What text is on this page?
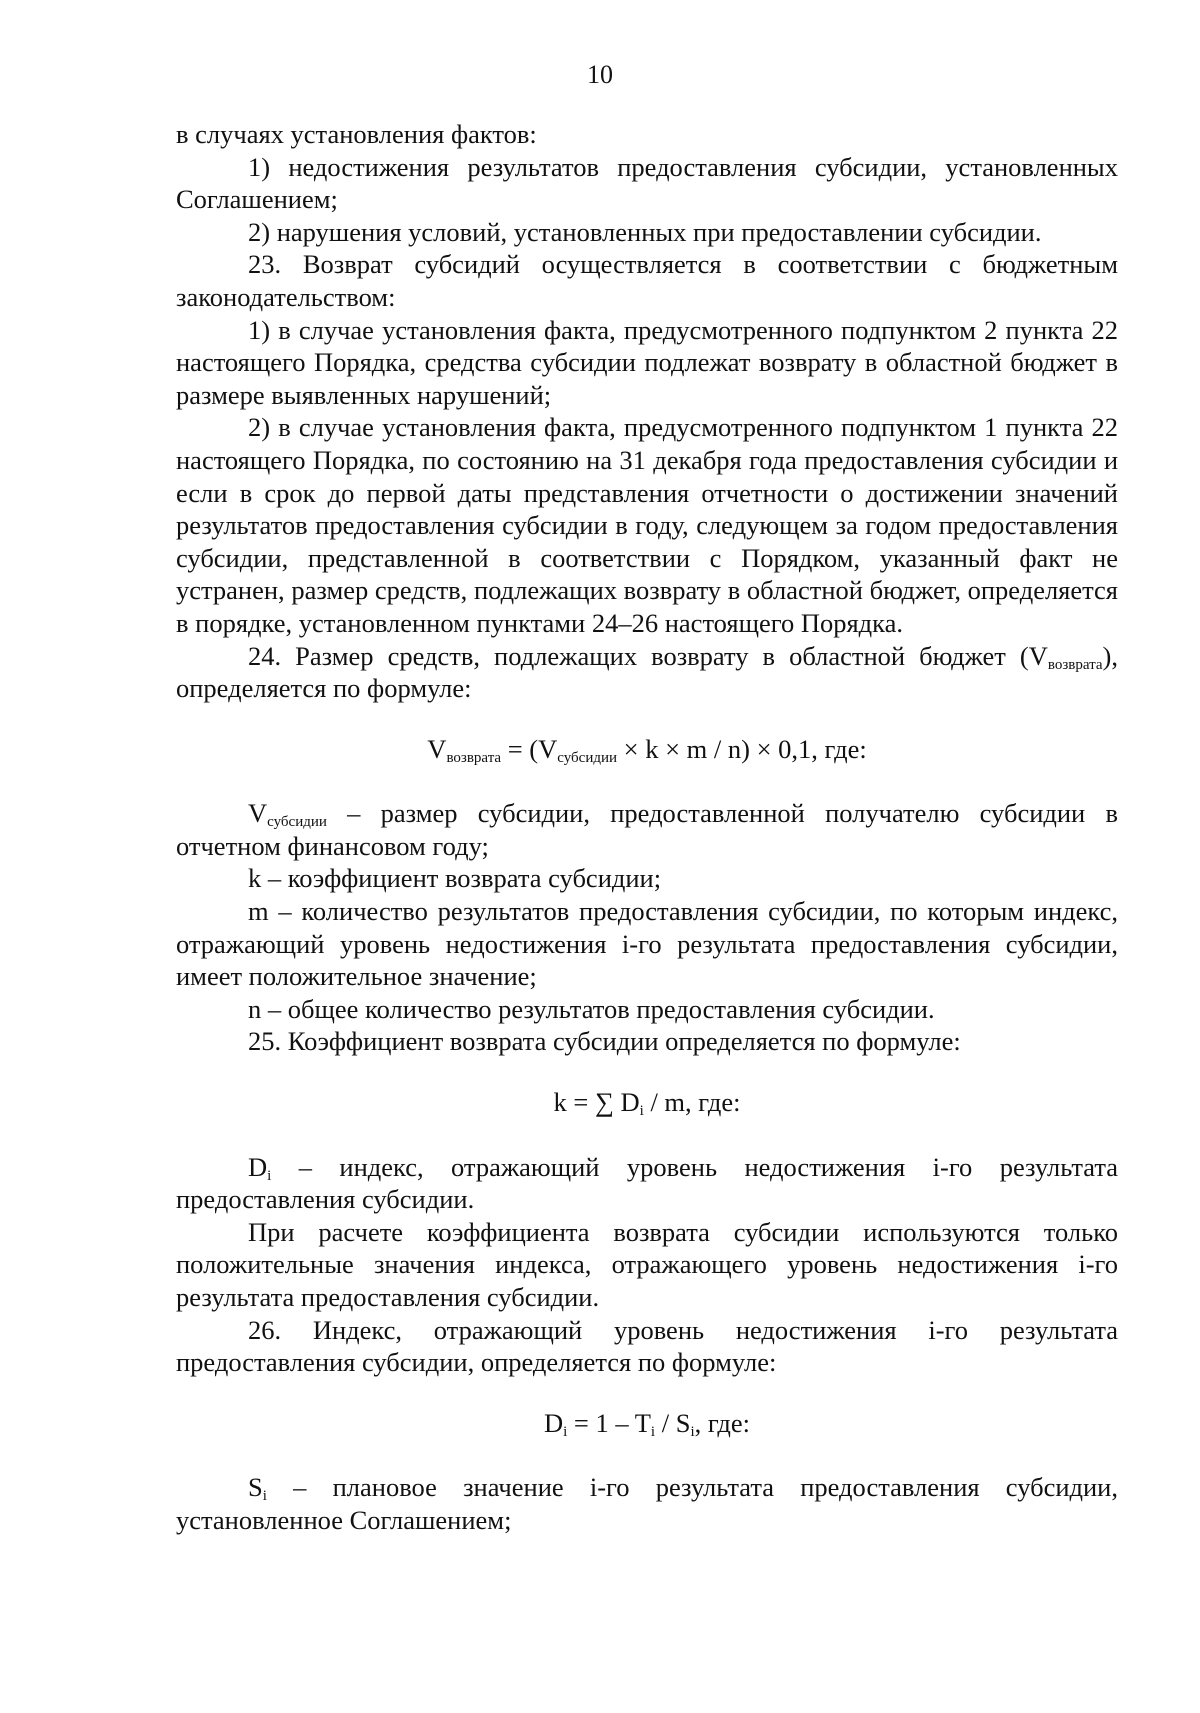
10

в случаях установления фактов:

1) недостижения результатов предоставления субсидии, установленных Соглашением;

2) нарушения условий, установленных при предоставлении субсидии.

23. Возврат субсидий осуществляется в соответствии с бюджетным законодательством:

1) в случае установления факта, предусмотренного подпунктом 2 пункта 22 настоящего Порядка, средства субсидии подлежат возврату в областной бюджет в размере выявленных нарушений;

2) в случае установления факта, предусмотренного подпунктом 1 пункта 22 настоящего Порядка, по состоянию на 31 декабря года предоставления субсидии и если в срок до первой даты представления отчетности о достижении значений результатов предоставления субсидии в году, следующем за годом предоставления субсидии, представленной в соответствии с Порядком, указанный факт не устранен, размер средств, подлежащих возврату в областной бюджет, определяется в порядке, установленном пунктами 24–26 настоящего Порядка.

24. Размер средств, подлежащих возврату в областной бюджет $(V_{возврата})$, определяется по формуле:

$V_{возврата} = (V_{субсидии} \times k \times m / n) \times 0,1$, где:

$V_{субсидии}$ – размер субсидии, предоставленной получателю субсидии в отчетном финансовом году;

k – коэффициент возврата субсидии;

m – количество результатов предоставления субсидии, по которым индекс, отражающий уровень недостижения i-го результата предоставления субсидии, имеет положительное значение;

n – общее количество результатов предоставления субсидии.

25. Коэффициент возврата субсидии определяется по формуле:

k = ∑ $D_i$ / m, где:

$D_i$ – индекс, отражающий уровень недостижения i-го результата предоставления субсидии.

При расчете коэффициента возврата субсидии используются только положительные значения индекса, отражающего уровень недостижения i-го результата предоставления субсидии.

26. Индекс, отражающий уровень недостижения i-го результата предоставления субсидии, определяется по формуле:

$D_i = 1 - T_i / S_i$, где:

$S_i$ – плановое значение i-го результата предоставления субсидии, установленное Соглашением;
